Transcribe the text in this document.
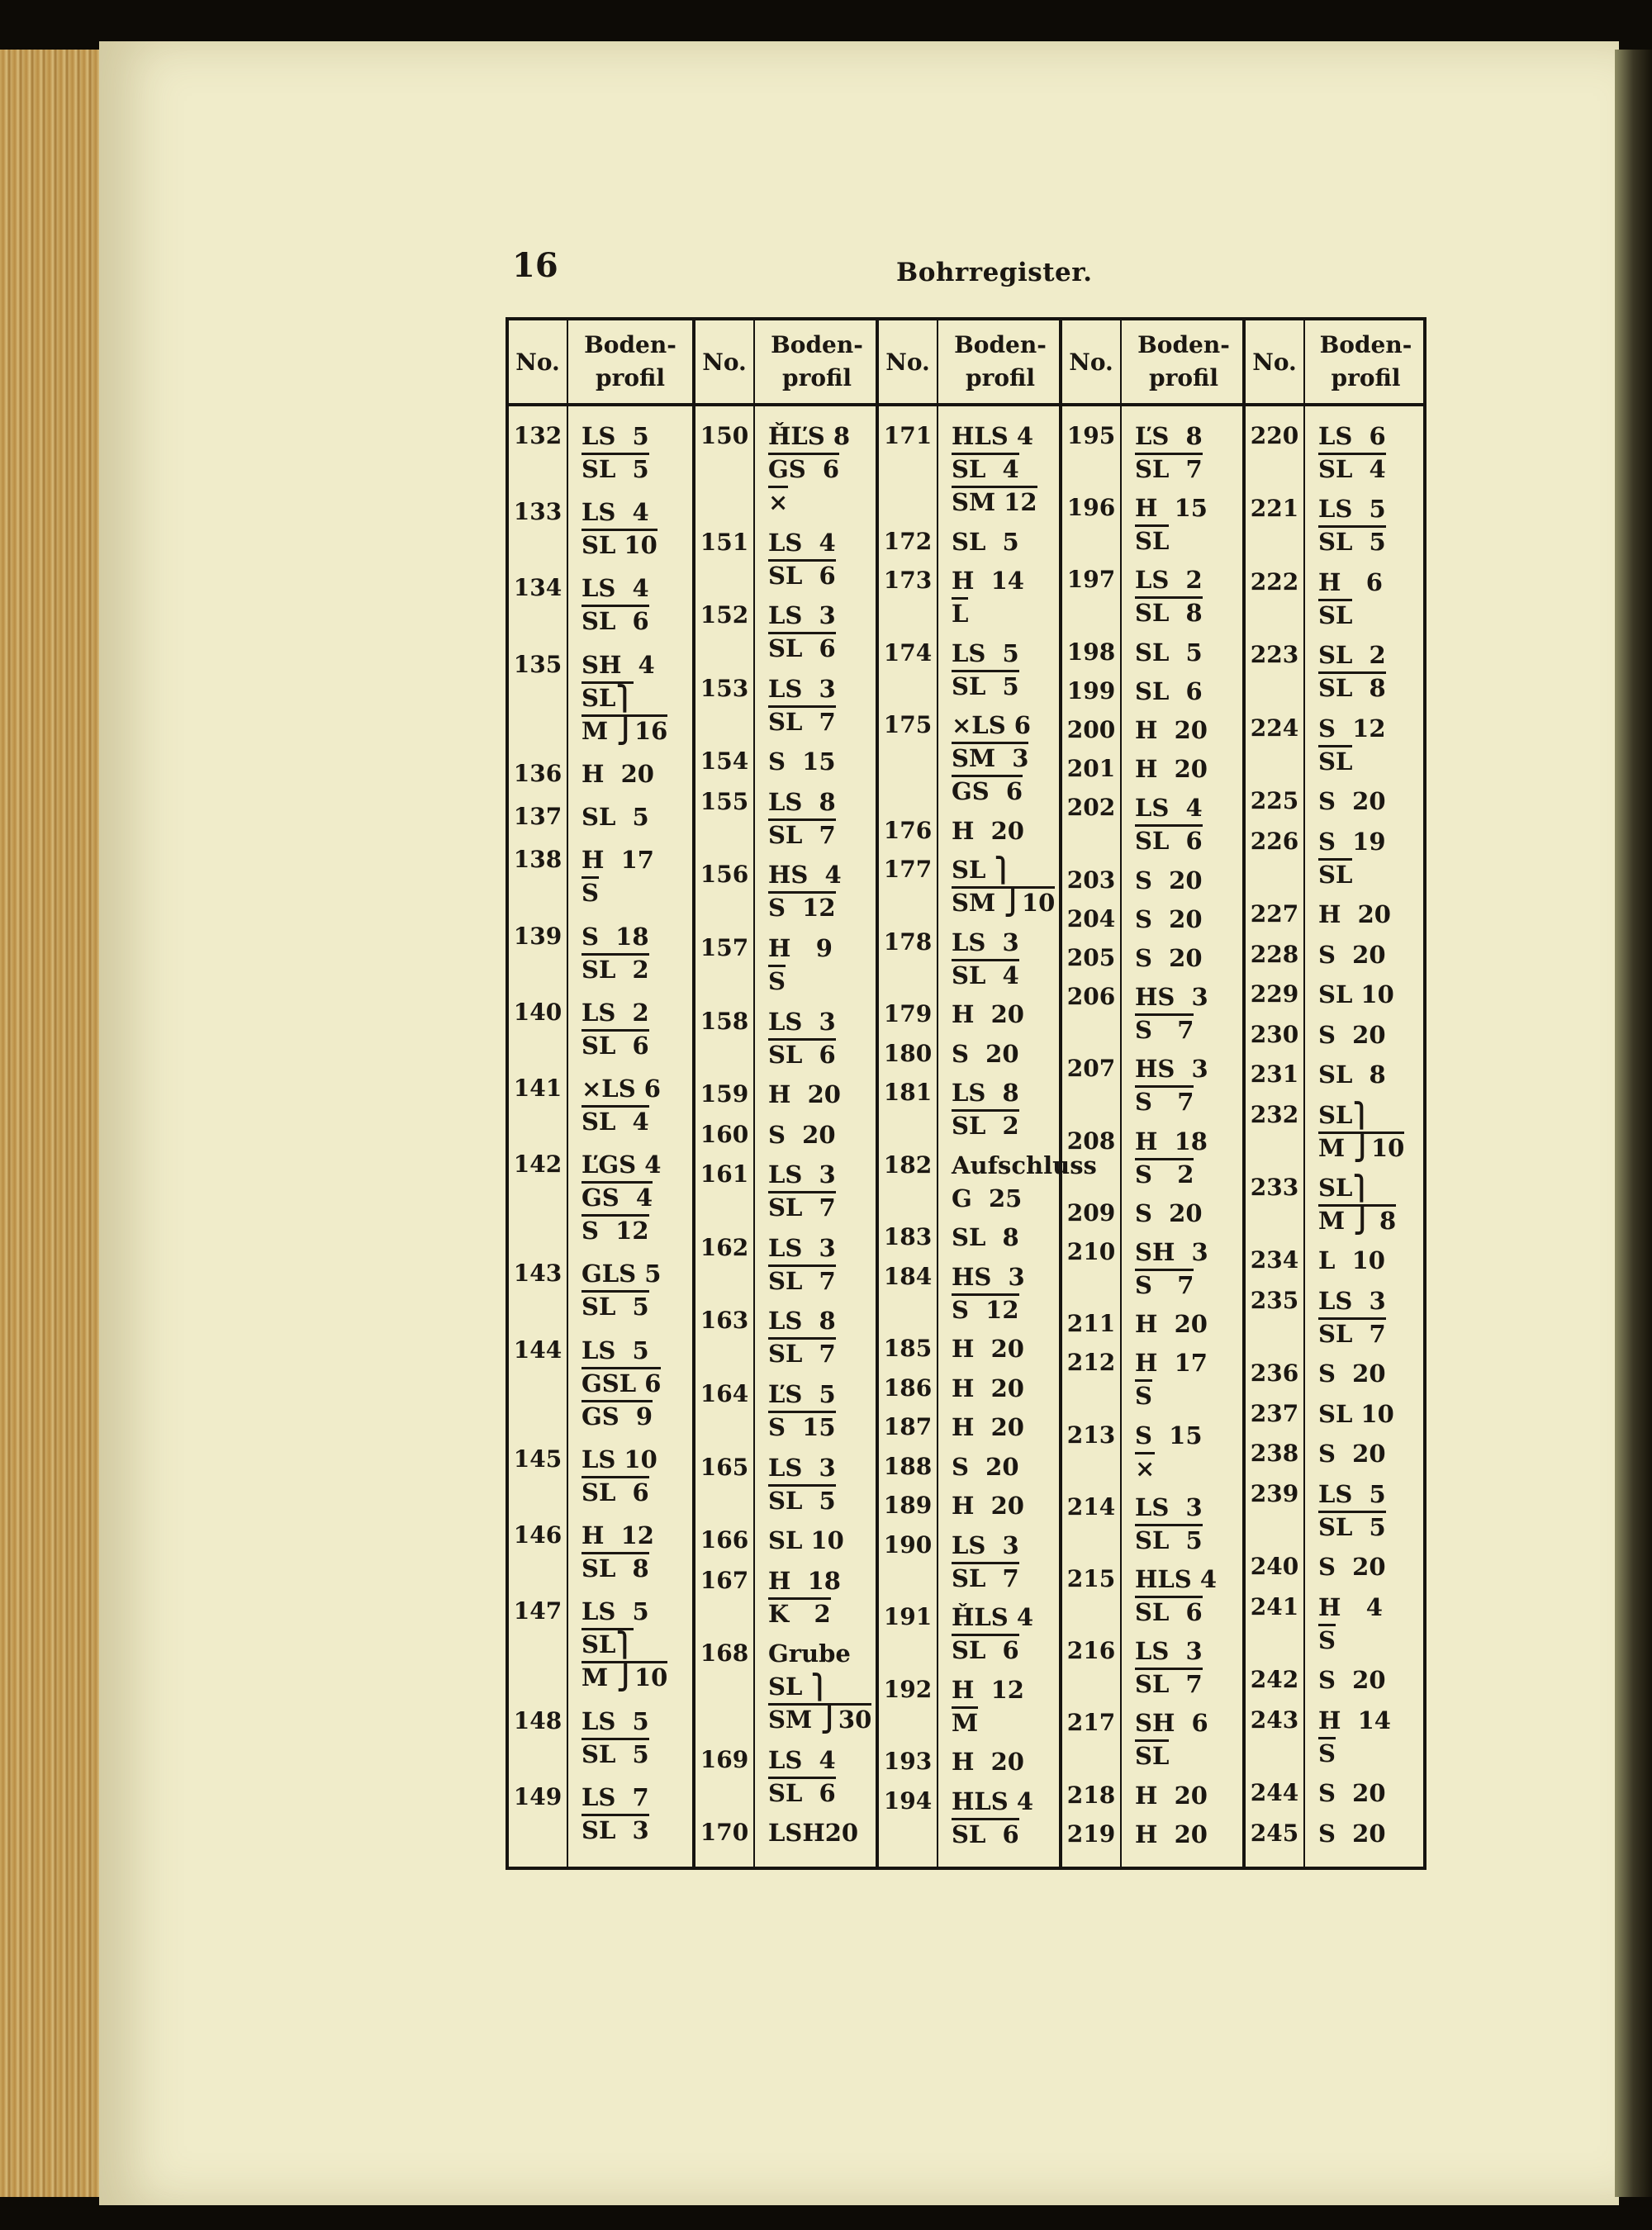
16	Bohrregister.
No.
Boden-
profil
132 LS  5
SL  5
133 LS  4
SL 10
134 LS  4
SL  6
135 SH  4
SL⎫
M ⎭16
136 H  20
137 SL  5
138 H  17
S
139 S  18
SL  2
140 LS  2
SL  6
141 ×LS 6
SL  4
142 ĽGS 4
GS  4
S  12
143 GLS 5
SL  5
144 LS  5
GSL 6
GS  9
145 LS 10
SL  6
146 H  12
SL  8
147 LS  5
SL⎫
M ⎭10
148 LS  5
SL  5
149 LS  7
SL  3
No.
Boden-
profil
150 ȞĽS 8
GS  6
×
151 LS  4
SL  6
152 LS  3
SL  6
153 LS  3
SL  7
154 S  15
155 LS  8
SL  7
156 HS  4
S  12
157 H   9
S
158 LS  3
SL  6
159 H  20
160 S  20
161 LS  3
SL  7
162 LS  3
SL  7
163 LS  8
SL  7
164 ĽS  5
S  15
165 LS  3
SL  5
166 SL 10
167 H  18
K   2
168 Grube
SL ⎫
SM ⎭30
169 LS  4
SL  6
170 LSH20
No.
Boden-
profil
171 HLS 4
SL  4
SM 12
172 SL  5
173 H  14
L
174 LS  5
SL  5
175 ×LS 6
SM  3
GS  6
176 H  20
177 SL ⎫
SM ⎭10
178 LS  3
SL  4
179 H  20
180 S  20
181 LS  8
SL  2
182 Aufschluss
G  25
183 SL  8
184 HS  3
S  12
185 H  20
186 H  20
187 H  20
188 S  20
189 H  20
190 LS  3
SL  7
191 ȞLS 4
SL  6
192 H  12
M
193 H  20
194 HLS 4
SL  6
No.
Boden-
profil
195 ĽS  8
SL  7
196 H  15
SL
197 LS  2
SL  8
198 SL  5
199 SL  6
200 H  20
201 H  20
202 LS  4
SL  6
203 S  20
204 S  20
205 S  20
206 HS  3
S   7
207 HS  3
S   7
208 H  18
S   2
209 S  20
210 SH  3
S   7
211 H  20
212 H  17
S
213 S  15
×
214 LS  3
SL  5
215 HLS 4
SL  6
216 LS  3
SL  7
217 SH  6
SL
218 H  20
219 H  20
No.
Boden-
profil
220 LS  6
SL  4
221 LS  5
SL  5
222 H   6
SL
223 SL  2
SL  8
224 S  12
SL
225 S  20
226 S  19
SL
227 H  20
228 S  20
229 SL 10
230 S  20
231 SL  8
232 SL⎫
M ⎭10
233 SL⎫
M ⎭ 8
234 L  10
235 LS  3
SL  7
236 S  20
237 SL 10
238 S  20
239 LS  5
SL  5
240 S  20
241 H   4
S
242 S  20
243 H  14
S
244 S  20
245 S  20
